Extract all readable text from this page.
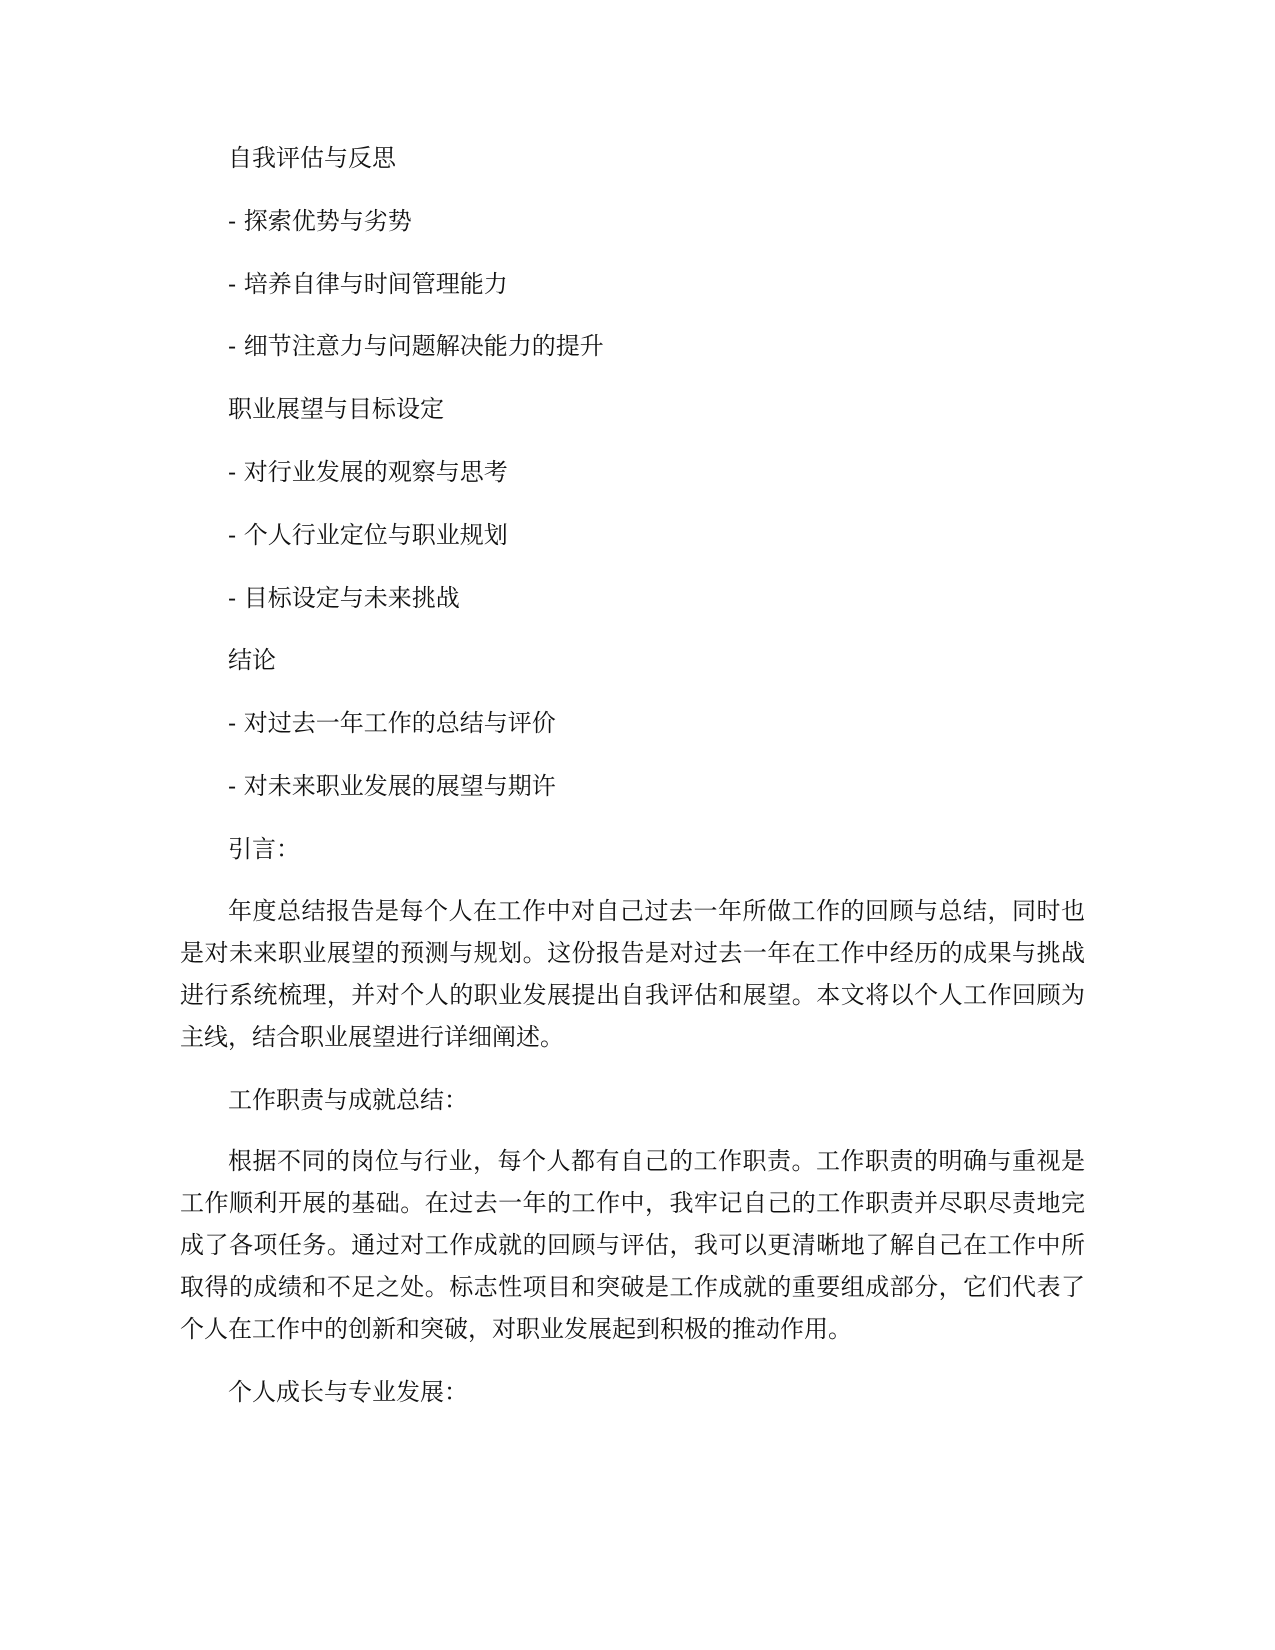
自我评估与反思
- 探索优势与劣势
- 培养自律与时间管理能力
- 细节注意力与问题解决能力的提升
职业展望与目标设定
- 对行业发展的观察与思考
- 个人行业定位与职业规划
- 目标设定与未来挑战
结论
- 对过去一年工作的总结与评价
- 对未来职业发展的展望与期许
引言：

年度总结报告是每个人在工作中对自己过去一年所做工作的回顾与总结，同时也是对未来职业展望的预测与规划。这份报告是对过去一年在工作中经历的成果与挑战进行系统梳理，并对个人的职业发展提出自我评估和展望。本文将以个人工作回顾为主线，结合职业展望进行详细阐述。

工作职责与成就总结：

根据不同的岗位与行业，每个人都有自己的工作职责。工作职责的明确与重视是工作顺利开展的基础。在过去一年的工作中，我牢记自己的工作职责并尽职尽责地完成了各项任务。通过对工作成就的回顾与评估，我可以更清晰地了解自己在工作中所取得的成绩和不足之处。标志性项目和突破是工作成就的重要组成部分，它们代表了个人在工作中的创新和突破，对职业发展起到积极的推动作用。

个人成长与专业发展：
